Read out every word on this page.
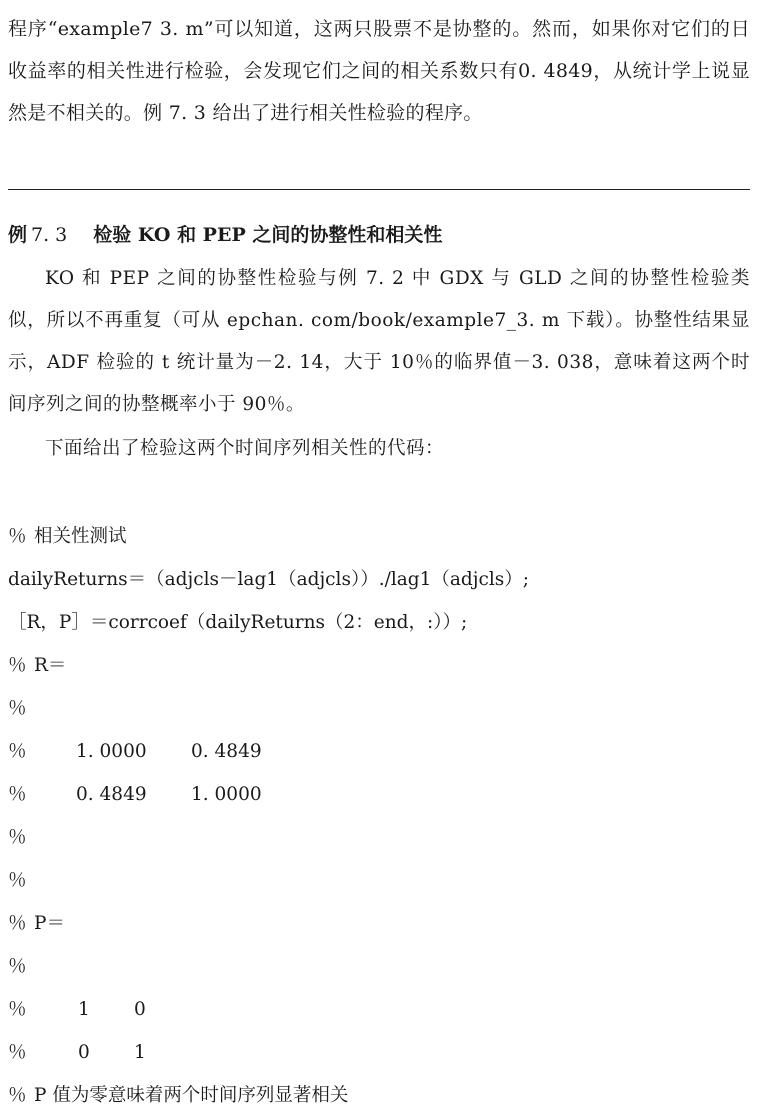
程序“example7 3. m”可以知道，这两只股票不是协整的。然而，如果你对它们的日收益率的相关性进行检验，会发现它们之间的相关系数只有0. 4849，从统计学上说显然是不相关的。例 7. 3 给出了进行相关性检验的程序。

例 7. 3 检验 KO 和 PEP 之间的协整性和相关性

KO 和 PEP 之间的协整性检验与例 7. 2 中 GDX 与 GLD 之间的协整性检验类似，所以不再重复（可从 epchan. com/book/example7_3. m 下载）。协整性结果显示，ADF 检验的 t 统计量为－2. 14，大于 10％的临界值－3. 038，意味着这两个时间序列之间的协整概率小于 90％。

下面给出了检验这两个时间序列相关性的代码：

％ 相关性测试
dailyReturns＝（adjcls－lag1（adjcls））./lag1（adjcls）;
［R，P］＝corrcoef（dailyReturns（2：end，:））;
％ R＝
％
％	1. 0000 0. 4849
％	0. 4849 1. 0000
％
％
％ P＝
％
％	1 0
％	0 1
％ P 值为零意味着两个时间序列显著相关
